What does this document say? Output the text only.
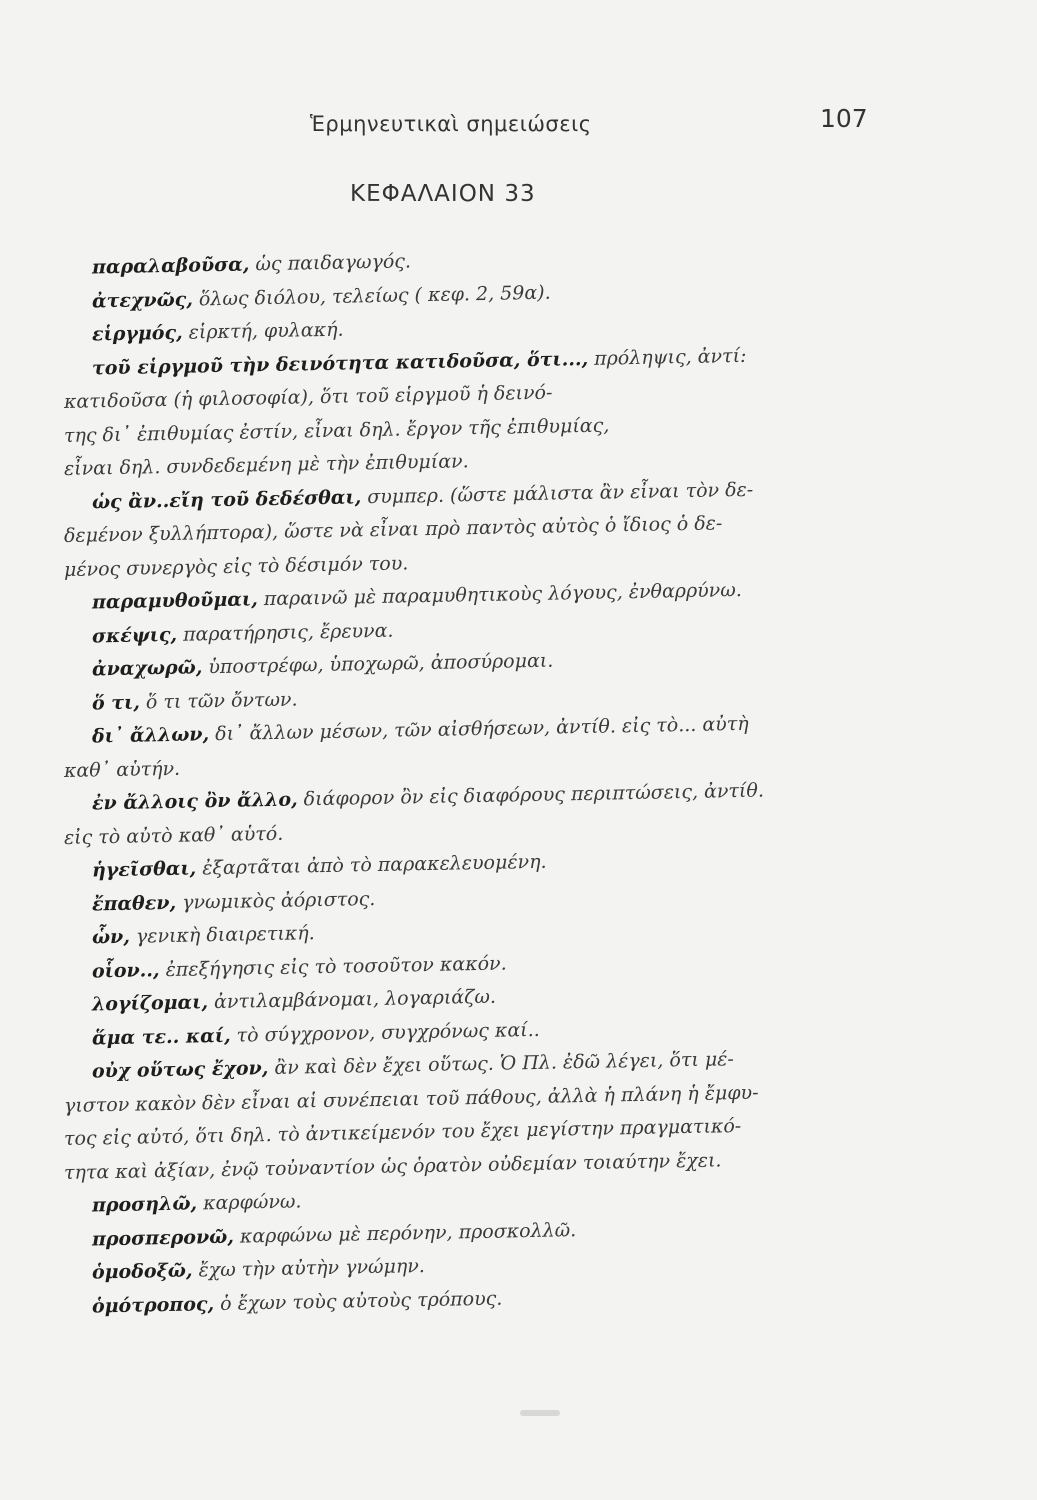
Ἑρμηνευτικαὶ σημειώσεις	107
ΚΕΦΑΛΑΙΟΝ 33
παραλαβοῦσα, ὡς παιδαγωγός.
ἀτεχνῶς, ὅλως διόλου, τελείως ( κεφ. 2, 59α).
εἱργμός, εἱρκτή, φυλακή.
τοῦ εἱργμοῦ τὴν δεινότητα κατιδοῦσα, ὅτι..., πρόληψις, ἀντί:
κατιδοῦσα (ἡ φιλοσοφία), ὅτι τοῦ εἱργμοῦ ἡ δεινό-
της δι᾽ ἐπιθυμίας ἐστίν, εἶναι δηλ. ἔργον τῆς ἐπιθυμίας,
εἶναι δηλ. συνδεδεμένη μὲ τὴν ἐπιθυμίαν.
ὡς ἂν..εἴη τοῦ δεδέσθαι, συμπερ. (ὥστε μάλιστα ἂν εἶναι τὸν δε-
δεμένον ξυλλήπτορα), ὥστε νὰ εἶναι πρὸ παντὸς αὐτὸς ὁ ἴδιος ὁ δε-
μένος συνεργὸς εἰς τὸ δέσιμόν του.
παραμυθοῦμαι, παραινῶ μὲ παραμυθητικοὺς λόγους, ἐνθαρρύνω.
σκέψις, παρατήρησις, ἔρευνα.
ἀναχωρῶ, ὑποστρέφω, ὑποχωρῶ, ἀποσύρομαι.
ὅ τι, ὅ τι τῶν ὄντων.
δι᾽ ἄλλων, δι᾽ ἄλλων μέσων, τῶν αἰσθήσεων, ἀντίθ. εἰς τὸ... αὐτὴ
καθ᾽ αὑτήν.
ἐν ἄλλοις ὂν ἄλλο, διάφορον ὂν εἰς διαφόρους περιπτώσεις, ἀντίθ.
εἰς τὸ αὐτὸ καθ᾽ αὑτό.
ἡγεῖσθαι, ἐξαρτᾶται ἀπὸ τὸ παρακελευομένη.
ἔπαθεν, γνωμικὸς ἀόριστος.
ὧν, γενικὴ διαιρετική.
οἷον.., ἐπεξήγησις εἰς τὸ τοσοῦτον κακόν.
λογίζομαι, ἀντιλαμβάνομαι, λογαριάζω.
ἅμα τε.. καί, τὸ σύγχρονον, συγχρόνως καί..
οὐχ οὕτως ἔχον, ἂν καὶ δὲν ἔχει οὕτως. Ὁ Πλ. ἐδῶ λέγει, ὅτι μέ-
γιστον κακὸν δὲν εἶναι αἱ συνέπειαι τοῦ πάθους, ἀλλὰ ἡ πλάνη ἡ ἔμφυ-
τος εἰς αὐτό, ὅτι δηλ. τὸ ἀντικείμενόν του ἔχει μεγίστην πραγματικό-
τητα καὶ ἀξίαν, ἐνῷ τοὐναντίον ὡς ὁρατὸν οὐδεμίαν τοιαύτην ἔχει.
προσηλῶ, καρφώνω.
προσπερονῶ, καρφώνω μὲ περόνην, προσκολλῶ.
ὁμοδοξῶ, ἔχω τὴν αὐτὴν γνώμην.
ὁμότροπος, ὁ ἔχων τοὺς αὐτοὺς τρόπους.
